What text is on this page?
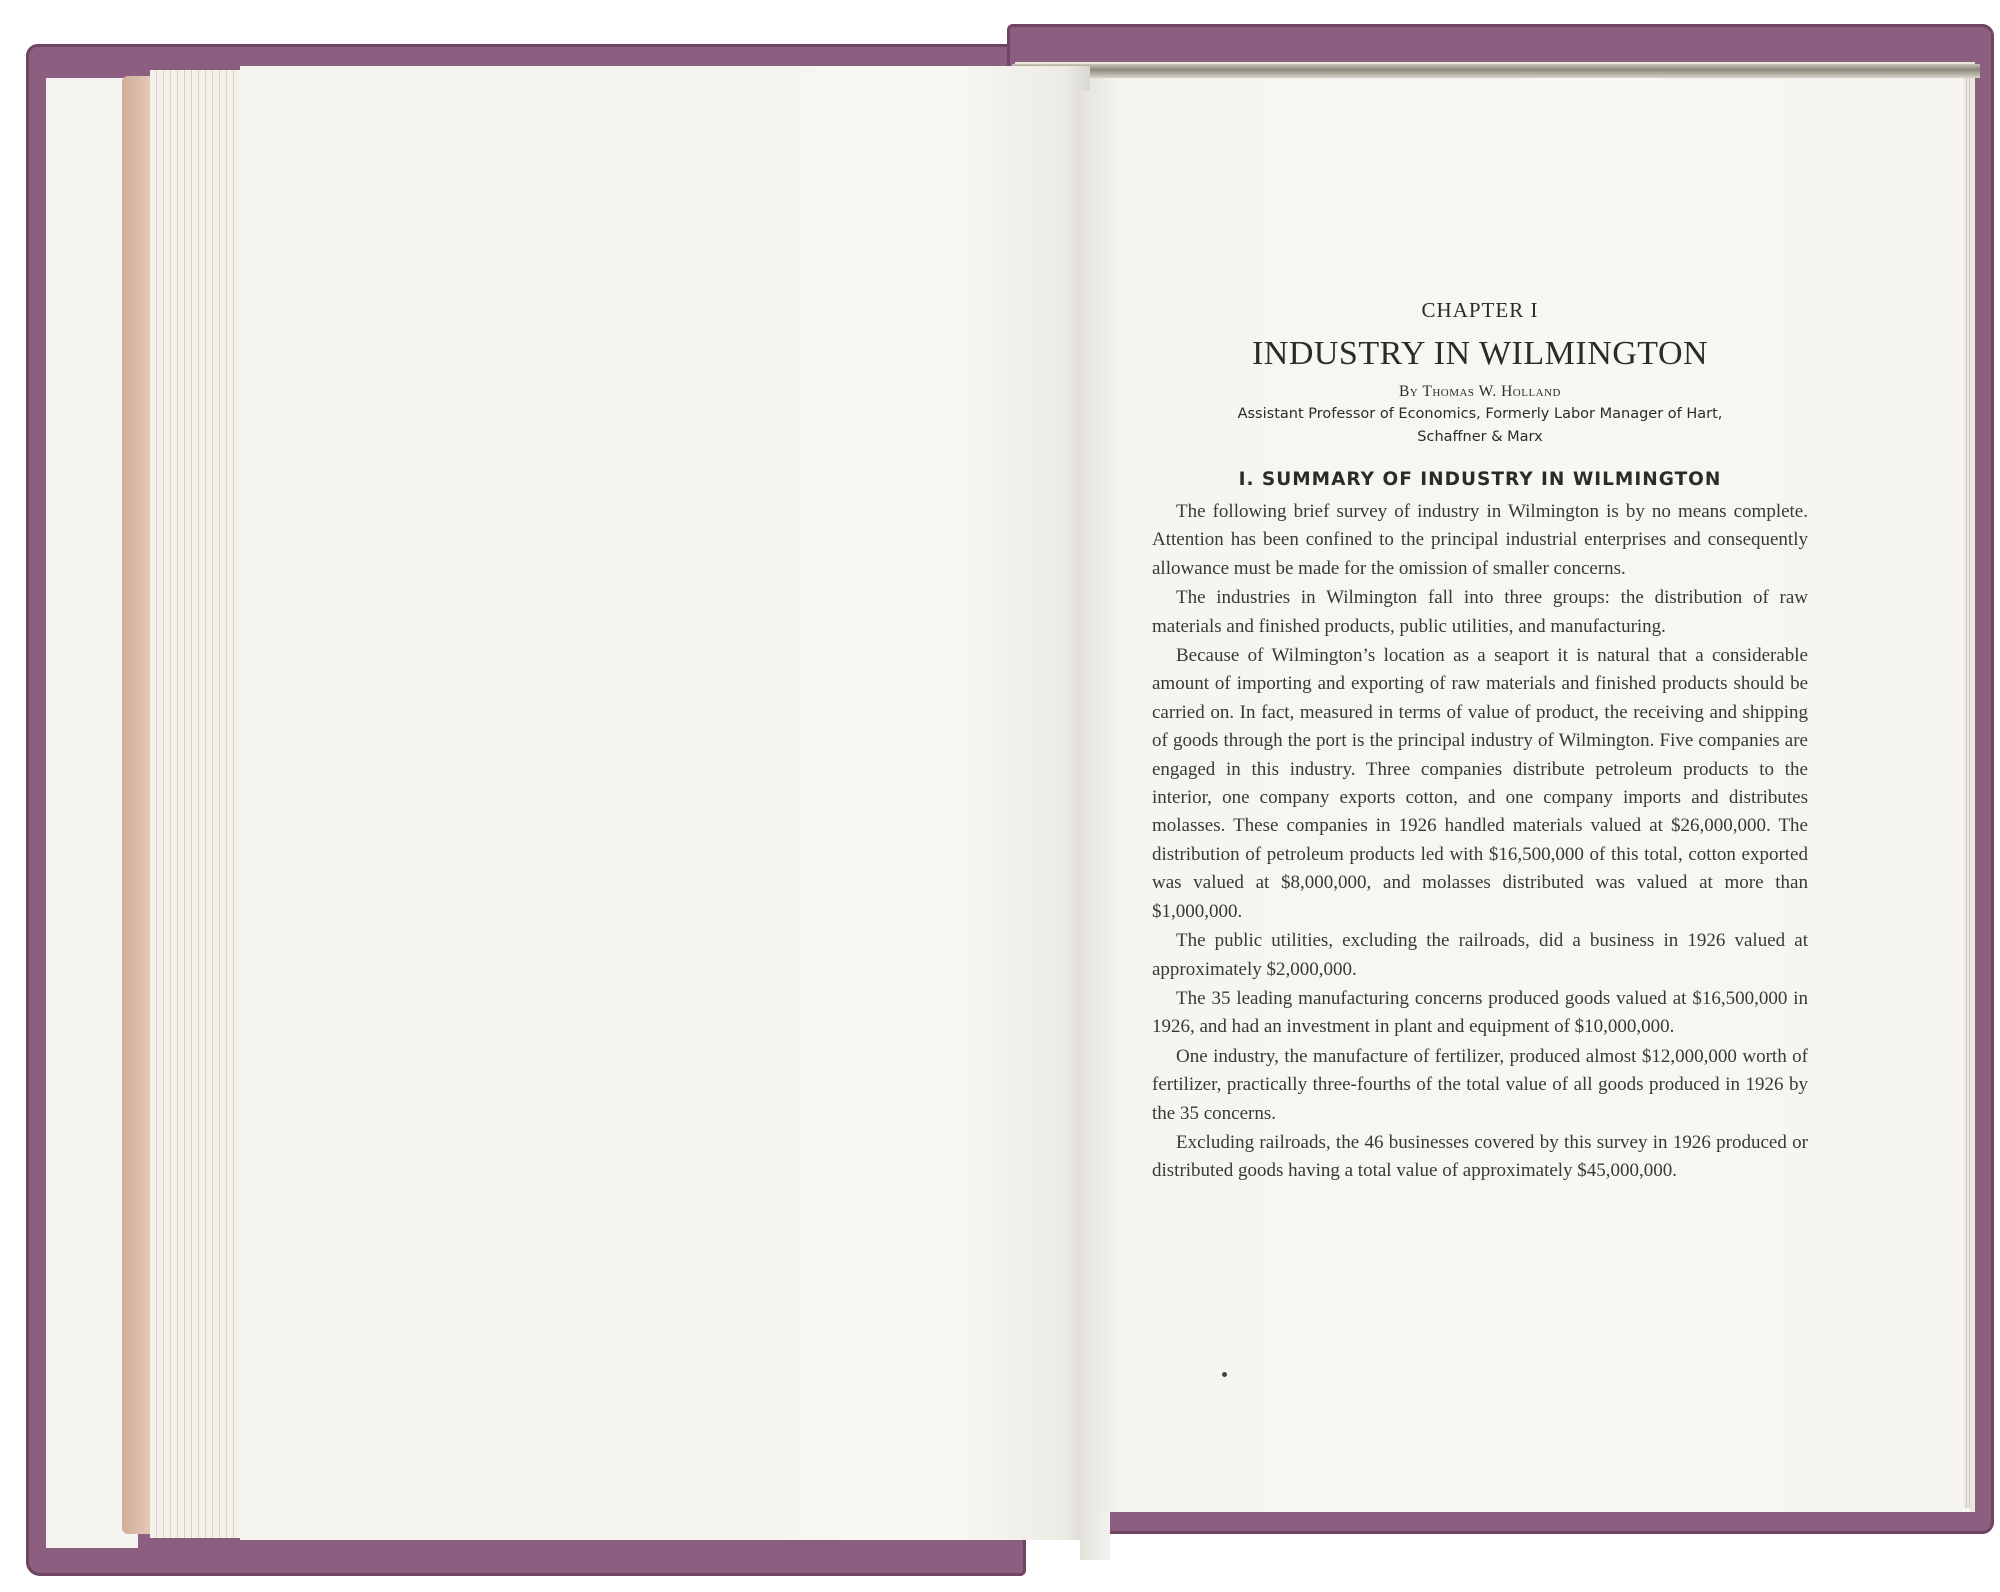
CHAPTER I

INDUSTRY IN WILMINGTON

By Thomas W. Holland

Assistant Professor of Economics, Formerly Labor Manager of Hart,
Schaffner & Marx

I. SUMMARY OF INDUSTRY IN WILMINGTON

The following brief survey of industry in Wilmington is by no means complete. Attention has been confined to the principal industrial enterprises and consequently allowance must be made for the omission of smaller concerns.

The industries in Wilmington fall into three groups: the distribution of raw materials and finished products, public utilities, and manufacturing.

Because of Wilmington’s location as a seaport it is natural that a considerable amount of importing and exporting of raw materials and finished products should be carried on. In fact, measured in terms of value of product, the receiving and shipping of goods through the port is the principal industry of Wilmington. Five companies are engaged in this industry. Three companies distribute petroleum products to the interior, one company exports cotton, and one company imports and distributes molasses. These companies in 1926 handled materials valued at $26,000,000. The distribution of petroleum products led with $16,500,000 of this total, cotton exported was valued at $8,000,000, and molasses distributed was valued at more than $1,000,000.

The public utilities, excluding the railroads, did a business in 1926 valued at approximately $2,000,000.

The 35 leading manufacturing concerns produced goods valued at $16,500,000 in 1926, and had an investment in plant and equipment of $10,000,000.

One industry, the manufacture of fertilizer, produced almost $12,000,000 worth of fertilizer, practically three-fourths of the total value of all goods produced in 1926 by the 35 concerns.

Excluding railroads, the 46 businesses covered by this survey in 1926 produced or distributed goods having a total value of approximately $45,000,000.
